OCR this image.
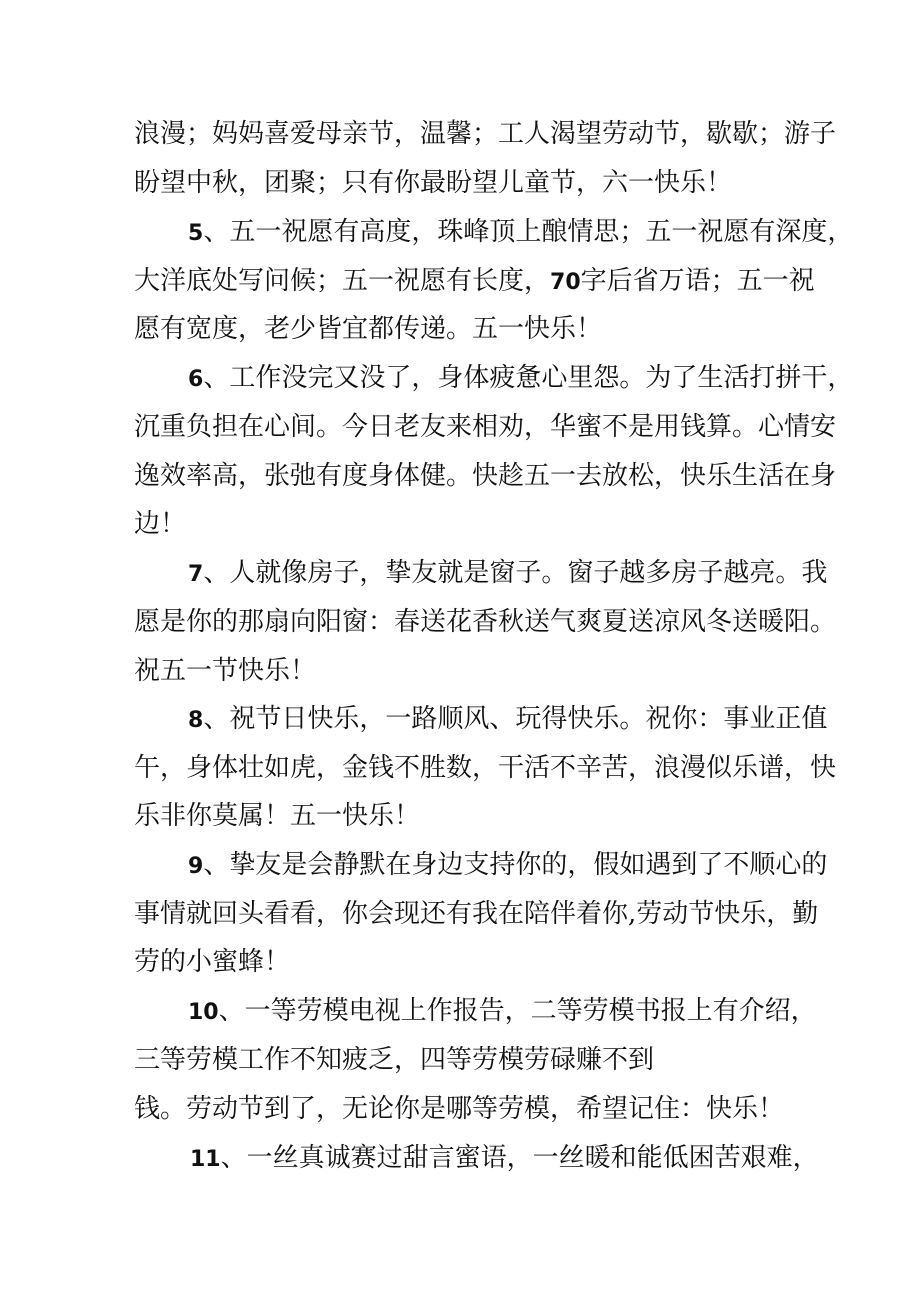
浪漫；妈妈喜爱母亲节，温馨；工人渴望劳动节，歇歇；游子
盼望中秋，团聚；只有你最盼望儿童节，六一快乐！
5、五一祝愿有高度，珠峰顶上酿情思；五一祝愿有深度，
大洋底处写问候；五一祝愿有长度，70字后省万语；五一祝
愿有宽度，老少皆宜都传递。五一快乐！
6、工作没完又没了，身体疲惫心里怨。为了生活打拼干，
沉重负担在心间。今日老友来相劝，华蜜不是用钱算。心情安
逸效率高，张弛有度身体健。快趁五一去放松，快乐生活在身
边！
7、人就像房子，挚友就是窗子。窗子越多房子越亮。我
愿是你的那扇向阳窗：春送花香秋送气爽夏送凉风冬送暖阳。
祝五一节快乐！
8、祝节日快乐，一路顺风、玩得快乐。祝你：事业正值
午，身体壮如虎，金钱不胜数，干活不辛苦，浪漫似乐谱，快
乐非你莫属！五一快乐！
9、挚友是会静默在身边支持你的，假如遇到了不顺心的
事情就回头看看，你会现还有我在陪伴着你,劳动节快乐，勤
劳的小蜜蜂！
10、一等劳模电视上作报告，二等劳模书报上有介绍，
三等劳模工作不知疲乏，四等劳模劳碌赚不到
钱。劳动节到了，无论你是哪等劳模，希望记住：快乐！
11、一丝真诚赛过甜言蜜语，一丝暖和能低困苦艰难，
